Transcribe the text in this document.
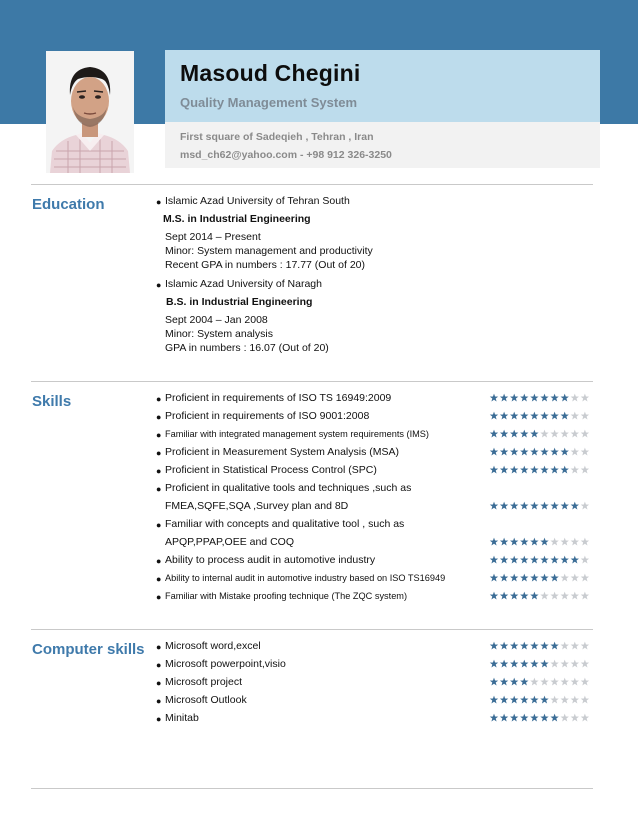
Masoud Chegini
Quality Management System
First square of Sadeqieh , Tehran , Iran
msd_ch62@yahoo.com - +98 912 326-3250
Education	● Islamic Azad University of Tehran South
M.S. in Industrial Engineering
Sept 2014 – Present
Minor: System management and productivity
Recent GPA in numbers : 17.77 (Out of 20)
● Islamic Azad University of Naragh
B.S. in Industrial Engineering
Sept 2004 – Jan 2008
Minor: System analysis
GPA in numbers : 16.07 (Out of 20)
Skills	● Proficient in requirements of ISO TS 16949:2009
● Proficient in requirements of ISO 9001:2008
● Familiar with integrated management system requirements (IMS)
● Proficient in Measurement System Analysis (MSA)
● Proficient in Statistical Process Control (SPC)
● Proficient in qualitative tools and techniques ,such as
FMEA,SQFE,SQA ,Survey plan and 8D
● Familiar with concepts and qualitative tool , such as
APQP,PPAP,OEE and COQ
● Ability to process audit in automotive industry
● Ability to internal audit in automotive industry based on ISO TS16949
● Familiar with Mistake proofing technique (The ZQC system)
Computer skills ● Microsoft word,excel
● Microsoft powerpoint,visio
● Microsoft project
● Microsoft Outlook
● Minitab
